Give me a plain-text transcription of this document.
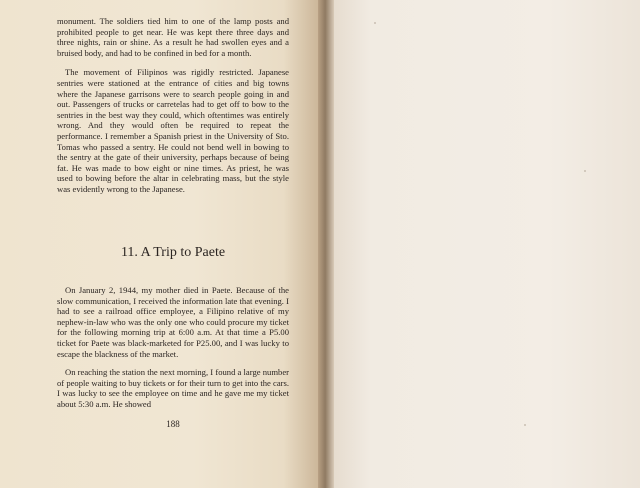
monument. The soldiers tied him to one of the lamp posts and prohibited people to get near. He was kept there three days and three nights, rain or shine. As a result he had swollen eyes and a bruised body, and had to be confined in bed for a month.

The movement of Filipinos was rigidly restricted. Japanese sentries were stationed at the entrance of cities and big towns where the Japanese garrisons were to search people going in and out. Passengers of trucks or carretelas had to get off to bow to the sentries in the best way they could, which oftentimes was entirely wrong. And they would often be required to repeat the performance. I remember a Spanish priest in the University of Sto. Tomas who passed a sentry. He could not bend well in bowing to the sentry at the gate of their university, perhaps because of being fat. He was made to bow eight or nine times. As priest, he was used to bowing before the altar in celebrating mass, but the style was evidently wrong to the Japanese.

11. A Trip to Paete

On January 2, 1944, my mother died in Paete. Because of the slow communication, I received the information late that evening. I had to see a railroad office employee, a Filipino relative of my nephew-in-law who was the only one who could procure my ticket for the following morning trip at 6:00 a.m. At that time a P5.00 ticket for Paete was black-marketed for P25.00, and I was lucky to escape the blackness of the market.

On reaching the station the next morning, I found a large number of people waiting to buy tickets or for their turn to get into the cars. I was lucky to see the employee on time and he gave me my ticket about 5:30 a.m. He showed

188
